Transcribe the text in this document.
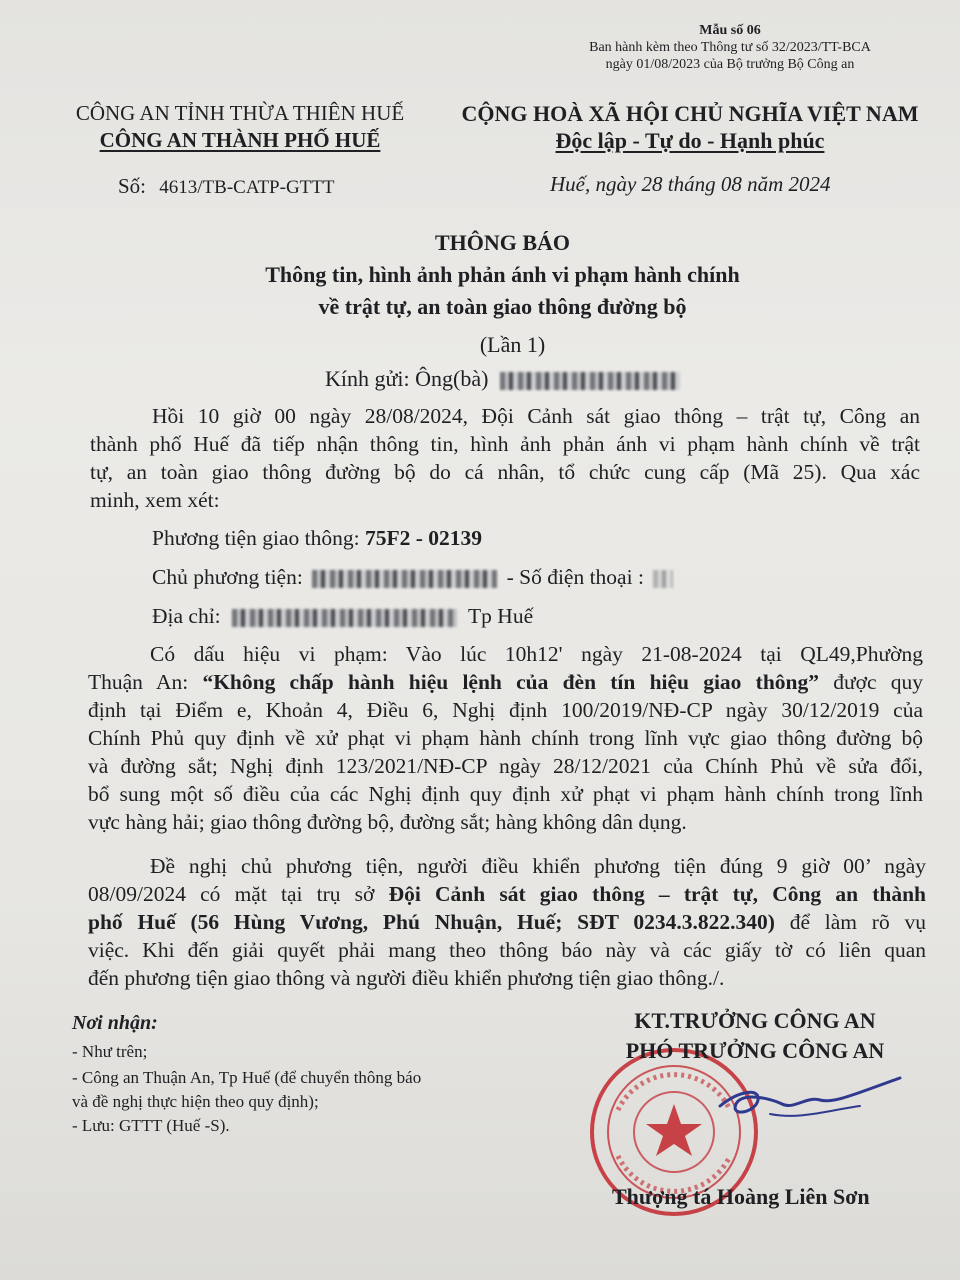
Mẫu số 06
Ban hành kèm theo Thông tư số 32/2023/TT-BCA
ngày 01/08/2023 của Bộ trưởng Bộ Công an
CÔNG AN TỈNH THỪA THIÊN HUẾ
CÔNG AN THÀNH PHỐ HUẾ
CỘNG HOÀ XÃ HỘI CHỦ NGHĨA VIỆT NAM
Độc lập - Tự do - Hạnh phúc
Số: 4613/TB-CATP-GTTT	Huế, ngày 28 tháng 08 năm 2024
THÔNG BÁO
Thông tin, hình ảnh phản ánh vi phạm hành chính
về trật tự, an toàn giao thông đường bộ
(Lần 1)
Kính gửi: Ông(bà)
Hồi 10 giờ 00 ngày 28/08/2024, Đội Cảnh sát giao thông – trật tự, Công an
thành phố Huế đã tiếp nhận thông tin, hình ảnh phản ánh vi phạm hành chính về trật
tự, an toàn giao thông đường bộ do cá nhân, tổ chức cung cấp (Mã 25). Qua xác
minh, xem xét:
Phương tiện giao thông: 75F2 - 02139
Chủ phương tiện:	- Số điện thoại :
Địa chỉ:	Tp Huế
Có dấu hiệu vi phạm: Vào lúc 10h12' ngày 21-08-2024 tại QL49,Phường
Thuận An: “Không chấp hành hiệu lệnh của đèn tín hiệu giao thông” được quy
định tại Điểm e, Khoản 4, Điều 6, Nghị định 100/2019/NĐ-CP ngày 30/12/2019 của
Chính Phủ quy định về xử phạt vi phạm hành chính trong lĩnh vực giao thông đường bộ
và đường sắt; Nghị định 123/2021/NĐ-CP ngày 28/12/2021 của Chính Phủ về sửa đổi,
bổ sung một số điều của các Nghị định quy định xử phạt vi phạm hành chính trong lĩnh
vực hàng hải; giao thông đường bộ, đường sắt; hàng không dân dụng.
Đề nghị chủ phương tiện, người điều khiển phương tiện đúng 9 giờ 00’ ngày
08/09/2024 có mặt tại trụ sở Đội Cảnh sát giao thông – trật tự, Công an thành
phố Huế (56 Hùng Vương, Phú Nhuận, Huế; SĐT 0234.3.822.340) để làm rõ vụ
việc. Khi đến giải quyết phải mang theo thông báo này và các giấy tờ có liên quan
đến phương tiện giao thông và người điều khiển phương tiện giao thông./.
Nơi nhận:
- Như trên;
- Công an Thuận An, Tp Huế (để chuyển thông báo
và đề nghị thực hiện theo quy định);
- Lưu: GTTT (Huế -S).
KT.TRƯỞNG CÔNG AN
PHÓ TRƯỞNG CÔNG AN
Thượng tá Hoàng Liên Sơn
